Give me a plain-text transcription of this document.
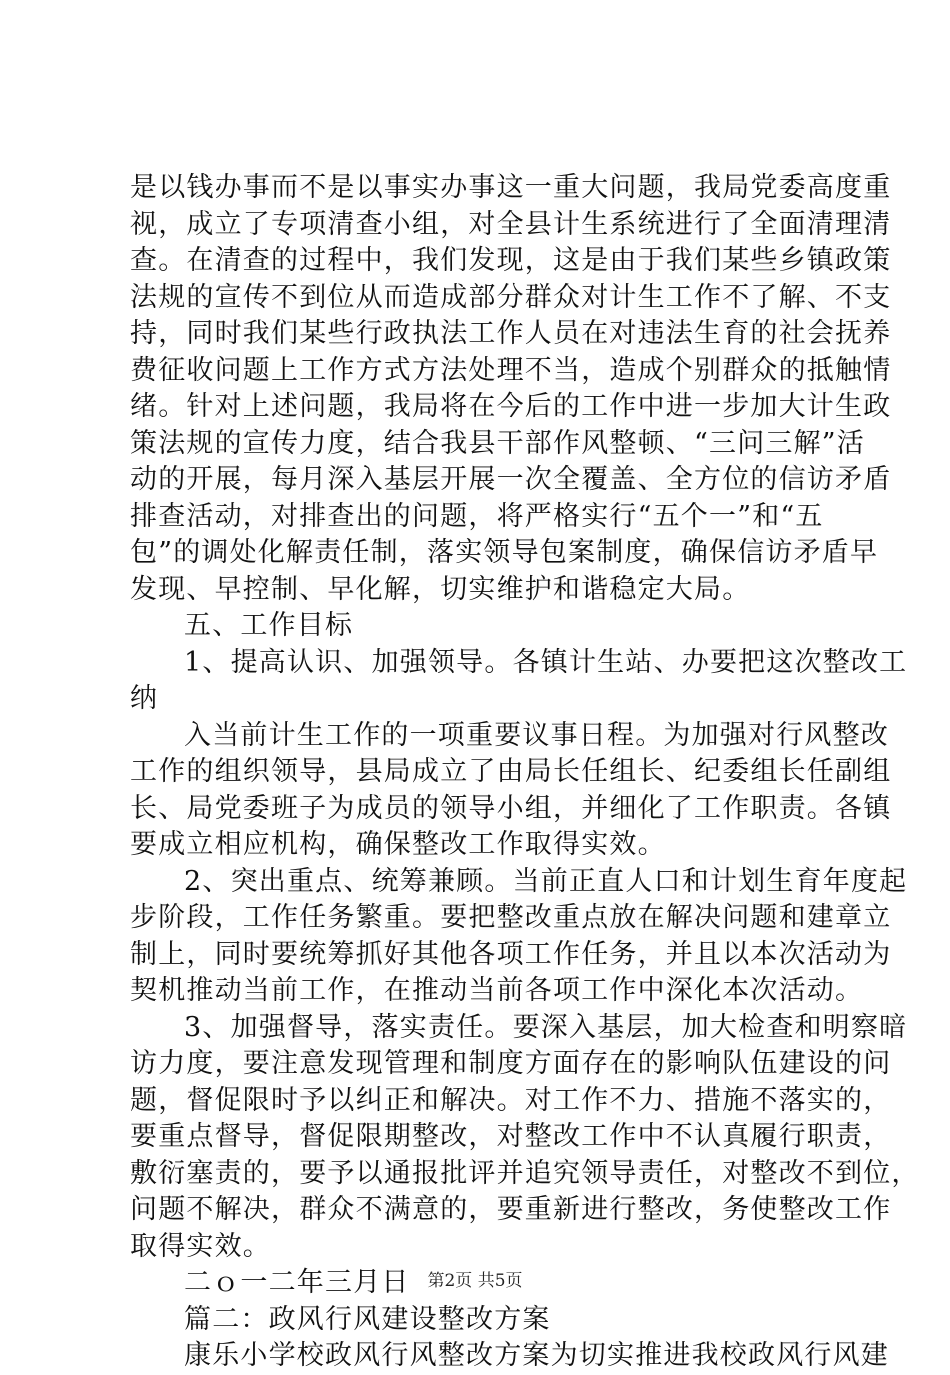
是以钱办事而不是以事实办事这一重大问题，我局党委高度重
视，成立了专项清查小组，对全县计生系统进行了全面清理清
查。在清查的过程中，我们发现，这是由于我们某些乡镇政策
法规的宣传不到位从而造成部分群众对计生工作不了解、不支
持，同时我们某些行政执法工作人员在对违法生育的社会抚养
费征收问题上工作方式方法处理不当，造成个别群众的抵触情
绪。针对上述问题，我局将在今后的工作中进一步加大计生政
策法规的宣传力度，结合我县干部作风整顿、“三问三解”活
动的开展，每月深入基层开展一次全覆盖、全方位的信访矛盾
排查活动，对排查出的问题，将严格实行“五个一”和“五
包”的调处化解责任制，落实领导包案制度，确保信访矛盾早
发现、早控制、早化解，切实维护和谐稳定大局。
五、工作目标
1、提高认识、加强领导。各镇计生站、办要把这次整改工
纳
入当前计生工作的一项重要议事日程。为加强对行风整改
工作的组织领导，县局成立了由局长任组长、纪委组长任副组
长、局党委班子为成员的领导小组，并细化了工作职责。各镇
要成立相应机构，确保整改工作取得实效。
2、突出重点、统筹兼顾。当前正直人口和计划生育年度起
步阶段，工作任务繁重。要把整改重点放在解决问题和建章立
制上，同时要统筹抓好其他各项工作任务，并且以本次活动为
契机推动当前工作，在推动当前各项工作中深化本次活动。
3、加强督导，落实责任。要深入基层，加大检查和明察暗
访力度，要注意发现管理和制度方面存在的影响队伍建设的问
题，督促限时予以纠正和解决。对工作不力、措施不落实的，
要重点督导，督促限期整改，对整改工作中不认真履行职责，
敷衍塞责的，要予以通报批评并追究领导责任，对整改不到位，
问题不解决，群众不满意的，要重新进行整改，务使整改工作
取得实效。
二ｏ一二年三月日
篇二：政风行风建设整改方案
康乐小学校政风行风整改方案为切实推进我校政风行风建
第2页 共5页
